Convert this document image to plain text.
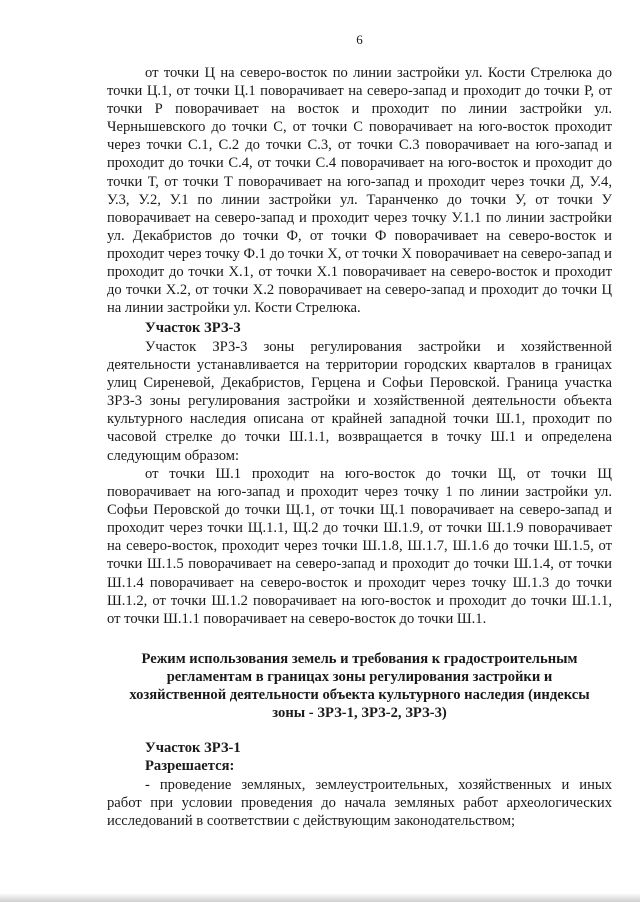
6

от точки Ц на северо-восток по линии застройки ул. Кости Стрелюка до точки Ц.1, от точки Ц.1 поворачивает на северо-запад и проходит до точки Р, от точки Р поворачивает на восток и проходит по линии застройки ул. Чернышевского до точки С, от точки С поворачивает на юго-восток проходит через точки С.1, С.2 до точки С.3, от точки С.3 поворачивает на юго-запад и проходит до точки С.4, от точки С.4 поворачивает на юго-восток и проходит до точки Т, от точки Т поворачивает на юго-запад и проходит через точки Д, У.4, У.3, У.2, У.1 по линии застройки ул. Таранченко до точки У, от точки У поворачивает на северо-запад и проходит через точку У.1.1 по линии застройки ул. Декабристов до точки Ф, от точки Ф поворачивает на северо-восток и проходит через точку Ф.1 до точки Х, от точки Х поворачивает на северо-запад и проходит до точки Х.1, от точки Х.1 поворачивает на северо-восток и проходит до точки Х.2, от точки Х.2 поворачивает на северо-запад и проходит до точки Ц на линии застройки ул. Кости Стрелюка.

Участок ЗРЗ-3

Участок ЗРЗ-3 зоны регулирования застройки и хозяйственной деятельности устанавливается на территории городских кварталов в границах улиц Сиреневой, Декабристов, Герцена и Софьи Перовской. Граница участка ЗРЗ-3 зоны регулирования застройки и хозяйственной деятельности объекта культурного наследия описана от крайней западной точки Ш.1, проходит по часовой стрелке до точки Ш.1.1, возвращается в точку Ш.1 и определена следующим образом:

от точки Ш.1 проходит на юго-восток до точки Щ, от точки Щ поворачивает на юго-запад и проходит через точку 1 по линии застройки ул. Софьи Перовской до точки Щ.1, от точки Щ.1 поворачивает на северо-запад и проходит через точки Щ.1.1, Щ.2 до точки Ш.1.9, от точки Ш.1.9 поворачивает на северо-восток, проходит через точки Ш.1.8, Ш.1.7, Ш.1.6 до точки Ш.1.5, от точки Ш.1.5 поворачивает на северо-запад и проходит до точки Ш.1.4, от точки Ш.1.4 поворачивает на северо-восток и проходит через точку Ш.1.3 до точки Ш.1.2, от точки Ш.1.2 поворачивает на юго-восток и проходит до точки Ш.1.1, от точки Ш.1.1 поворачивает на северо-восток до точки Ш.1.

Режим использования земель и требования к градостроительным
регламентам в границах зоны регулирования застройки и
хозяйственной деятельности объекта культурного наследия (индексы
зоны - ЗРЗ-1, ЗРЗ-2, ЗРЗ-3)

Участок ЗРЗ-1

Разрешается:

- проведение земляных, землеустроительных, хозяйственных и иных работ при условии проведения до начала земляных работ археологических исследований в соответствии с действующим законодательством;
